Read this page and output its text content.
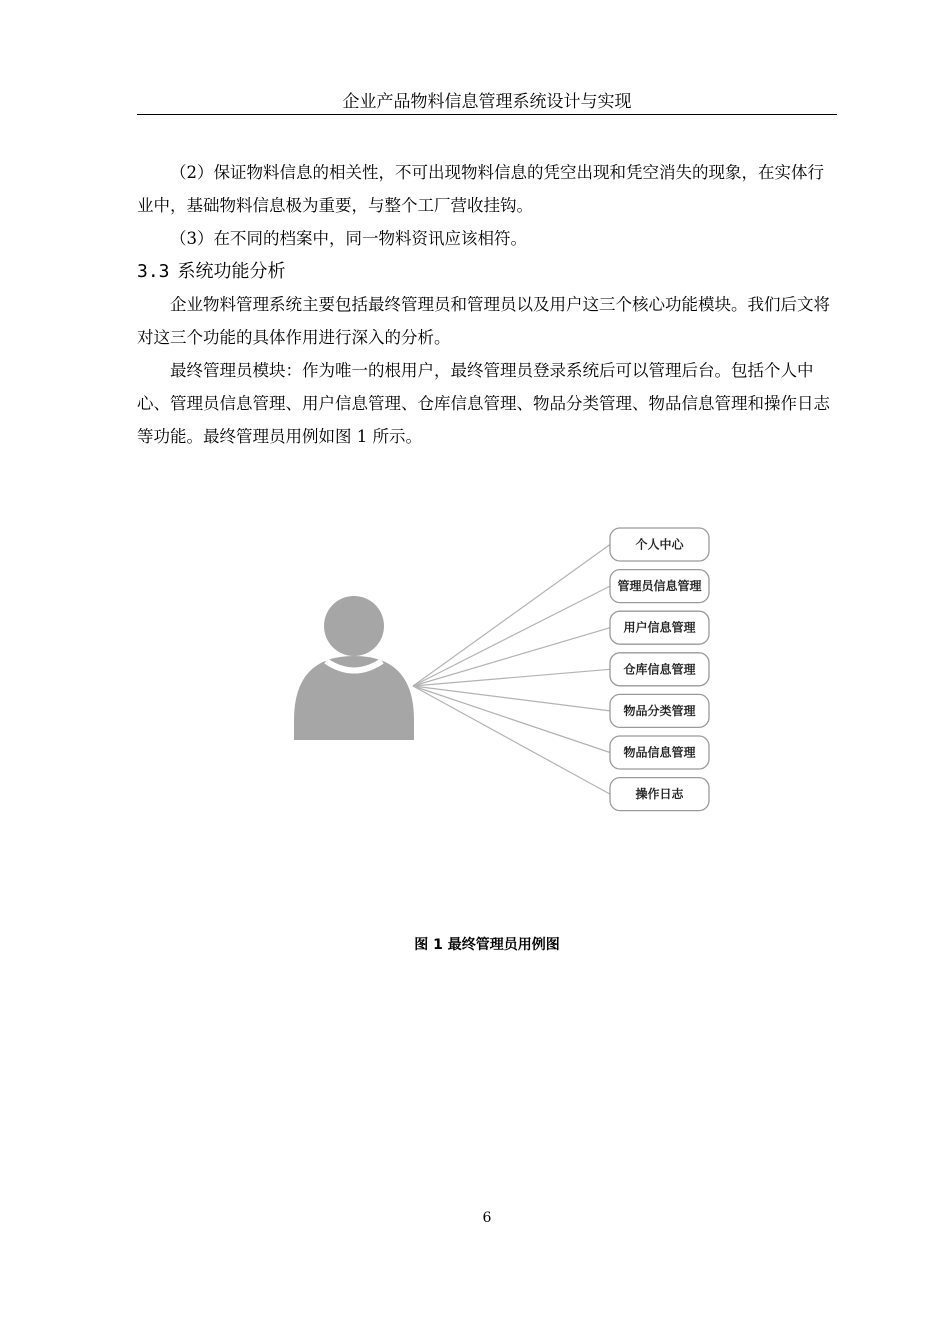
企业产品物料信息管理系统设计与实现

（2）保证物料信息的相关性，不可出现物料信息的凭空出现和凭空消失的现象，在实体行业中，基础物料信息极为重要，与整个工厂营收挂钩。

（3）在不同的档案中，同一物料资讯应该相符。

3.3 系统功能分析

企业物料管理系统主要包括最终管理员和管理员以及用户这三个核心功能模块。我们后文将对这三个功能的具体作用进行深入的分析。

最终管理员模块：作为唯一的根用户，最终管理员登录系统后可以管理后台。包括个人中心、管理员信息管理、用户信息管理、仓库信息管理、物品分类管理、物品信息管理和操作日志等功能。最终管理员用例如图 1 所示。

个人中心
管理员信息管理
用户信息管理
仓库信息管理
物品分类管理
物品信息管理
操作日志
图 1 最终管理员用例图
6
